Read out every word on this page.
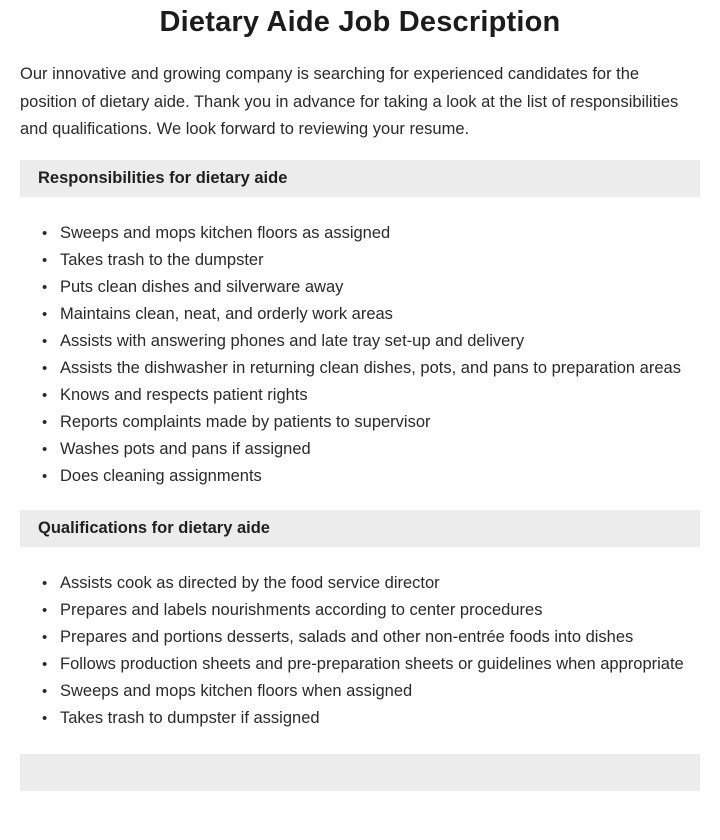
Dietary Aide Job Description

Our innovative and growing company is searching for experienced candidates for the position of dietary aide. Thank you in advance for taking a look at the list of responsibilities and qualifications. We look forward to reviewing your resume.

Responsibilities for dietary aide
• Sweeps and mops kitchen floors as assigned
• Takes trash to the dumpster
• Puts clean dishes and silverware away
• Maintains clean, neat, and orderly work areas
• Assists with answering phones and late tray set-up and delivery
• Assists the dishwasher in returning clean dishes, pots, and pans to preparation areas
• Knows and respects patient rights
• Reports complaints made by patients to supervisor
• Washes pots and pans if assigned
• Does cleaning assignments
Qualifications for dietary aide
• Assists cook as directed by the food service director
• Prepares and labels nourishments according to center procedures
• Prepares and portions desserts, salads and other non-entrée foods into dishes
• Follows production sheets and pre-preparation sheets or guidelines when appropriate
• Sweeps and mops kitchen floors when assigned
• Takes trash to dumpster if assigned
